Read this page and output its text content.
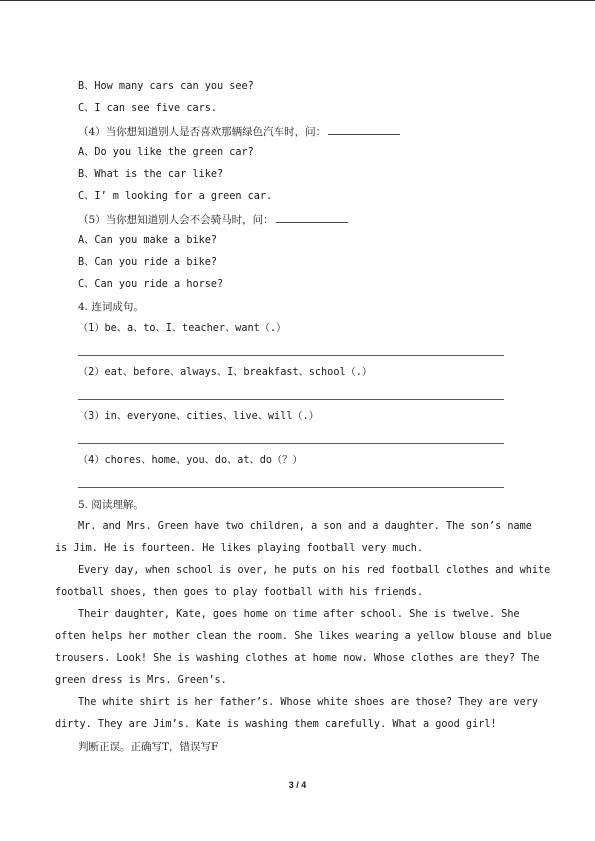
B、How many cars can you see?
C、I can see five cars.
（4）当你想知道别人是否喜欢那辆绿色汽车时，问：
A、Do you like the green car?
B、What is the car like?
C、I’ m looking for a green car.
（5）当你想知道别人会不会骑马时，问：
A、Can you make a bike?
B、Can you ride a bike?
C、Can you ride a horse?
4. 连词成句。
（1）be、a、to、I、teacher、want（.）
（2）eat、before、always、I、breakfast、school（.）
（3）in、everyone、cities、live、will（.）
（4）chores、home、you、do、at、do（？）
5. 阅读理解。
Mr. and Mrs. Green have two children, a son and a daughter. The son’s name
is Jim. He is fourteen. He likes playing football very much.
Every day, when school is over, he puts on his red football clothes and white
football shoes, then goes to play football with his friends.
Their daughter, Kate, goes home on time after school. She is twelve. She
often helps her mother clean the room. She likes wearing a yellow blouse and blue
trousers. Look! She is washing clothes at home now. Whose clothes are they? The
green dress is Mrs. Green’s.
The white shirt is her father’s. Whose white shoes are those? They are very
dirty. They are Jim’s. Kate is washing them carefully. What a good girl!
判断正误。正确写T，错误写F
3 / 4
